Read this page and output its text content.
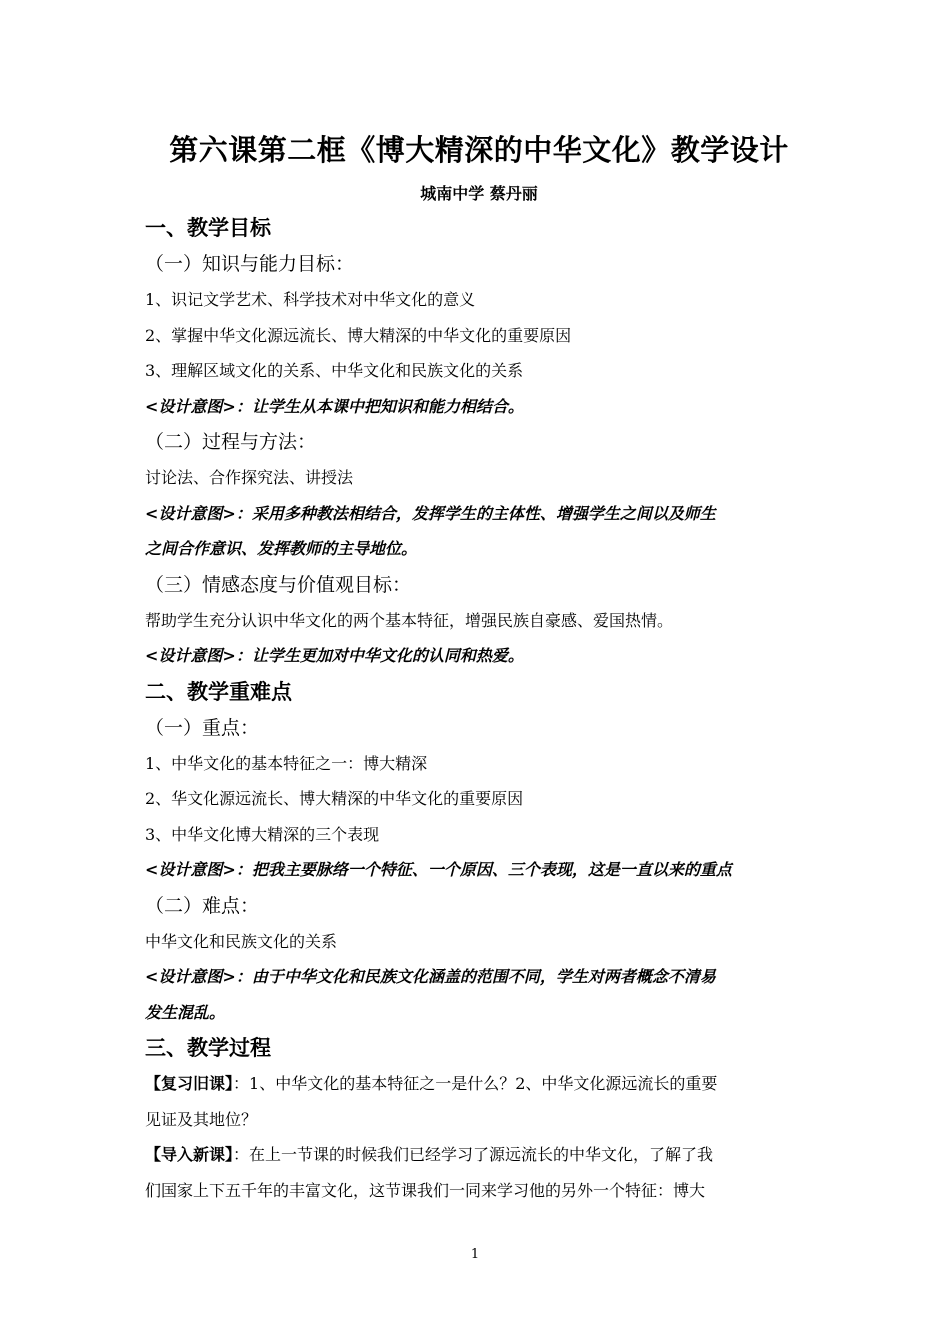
第六课第二框《博大精深的中华文化》教学设计

城南中学 蔡丹丽

一、教学目标

（一）知识与能力目标：

1、识记文学艺术、科学技术对中华文化的意义

2、掌握中华文化源远流长、博大精深的中华文化的重要原因

3、理解区域文化的关系、中华文化和民族文化的关系

<设计意图>：让学生从本课中把知识和能力相结合。

（二）过程与方法：

讨论法、合作探究法、讲授法

<设计意图>：采用多种教法相结合，发挥学生的主体性、增强学生之间以及师生

之间合作意识、发挥教师的主导地位。

（三）情感态度与价值观目标：

帮助学生充分认识中华文化的两个基本特征，增强民族自豪感、爱国热情。

<设计意图>：让学生更加对中华文化的认同和热爱。

二、教学重难点

（一）重点：

1、中华文化的基本特征之一：博大精深

2、华文化源远流长、博大精深的中华文化的重要原因

3、中华文化博大精深的三个表现

<设计意图>：把我主要脉络一个特征、一个原因、三个表现，这是一直以来的重点

（二）难点：

中华文化和民族文化的关系

<设计意图>：由于中华文化和民族文化涵盖的范围不同，学生对两者概念不清易

发生混乱。

三、教学过程

【复习旧课】：1、中华文化的基本特征之一是什么？2、中华文化源远流长的重要

见证及其地位？

【导入新课】：在上一节课的时候我们已经学习了源远流长的中华文化，了解了我

们国家上下五千年的丰富文化，这节课我们一同来学习他的另外一个特征：博大

1
